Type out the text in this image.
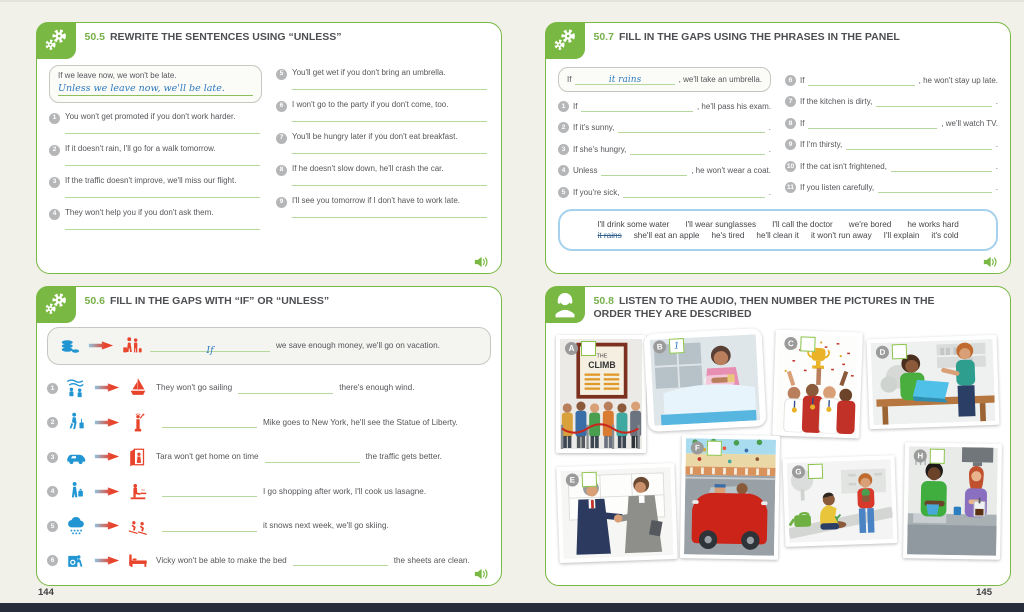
50.5 REWRITE THE SENTENCES USING “UNLESS”
If we leave now, we won't be late.
Unless we leave now, we'll be late.
1	You won't get promoted if you don't work harder.
2	If it doesn't rain, I'll go for a walk tomorrow.
3	If the traffic doesn't improve, we'll miss our flight.
4	They won't help you if you don't ask them.
5	You'll get wet if you don't bring an umbrella.
6	I won't go to the party if you don't come, too.
7	You'll be hungry later if you don't eat breakfast.
8	If he doesn't slow down, he'll crash the car.
9	I'll see you tomorrow if I don't have to work late.
50.6 FILL IN THE GAPS WITH “IF” OR “UNLESS”
If	we save enough money, we'll go on vacation.
1	They won't go sailing	there's enough wind.
2	Mike goes to New York, he'll see the Statue of Liberty.
3	Tara won't get home on time	the traffic gets better.
4	I go shopping after work, I'll cook us lasagne.
5	it snows next week, we'll go skiing.
6	Vicky won't be able to make the bed	the sheets are clean.
50.7 FILL IN THE GAPS USING THE PHRASES IN THE PANEL
If	it rains	, we'll take an umbrella.
1 If	, he'll pass his exam.
2 If it's sunny,	.
3 If she's hungry,	.
4 Unless	, he won't wear a coat.
5 If you're sick,	.
6 If	, he won't stay up late.
7 If the kitchen is dirty,	.
8 If	, we'll watch TV.
9 If I'm thirsty,	.
10 If the cat isn't frightened,	.
11 If you listen carefully,	.
I'll drink some water I'll wear sunglasses I'll call the doctor we're bored he works hard
it rains she'll eat an apple he's tired he'll clean it it won't run away I'll explain it's cold
50.8 LISTEN TO THE AUDIO, THEN NUMBER THE PICTURES IN THE ORDER THEY ARE DESCRIBED
THE
CLIMB
A	B	1	C
D
E
F
G
H
144	145
